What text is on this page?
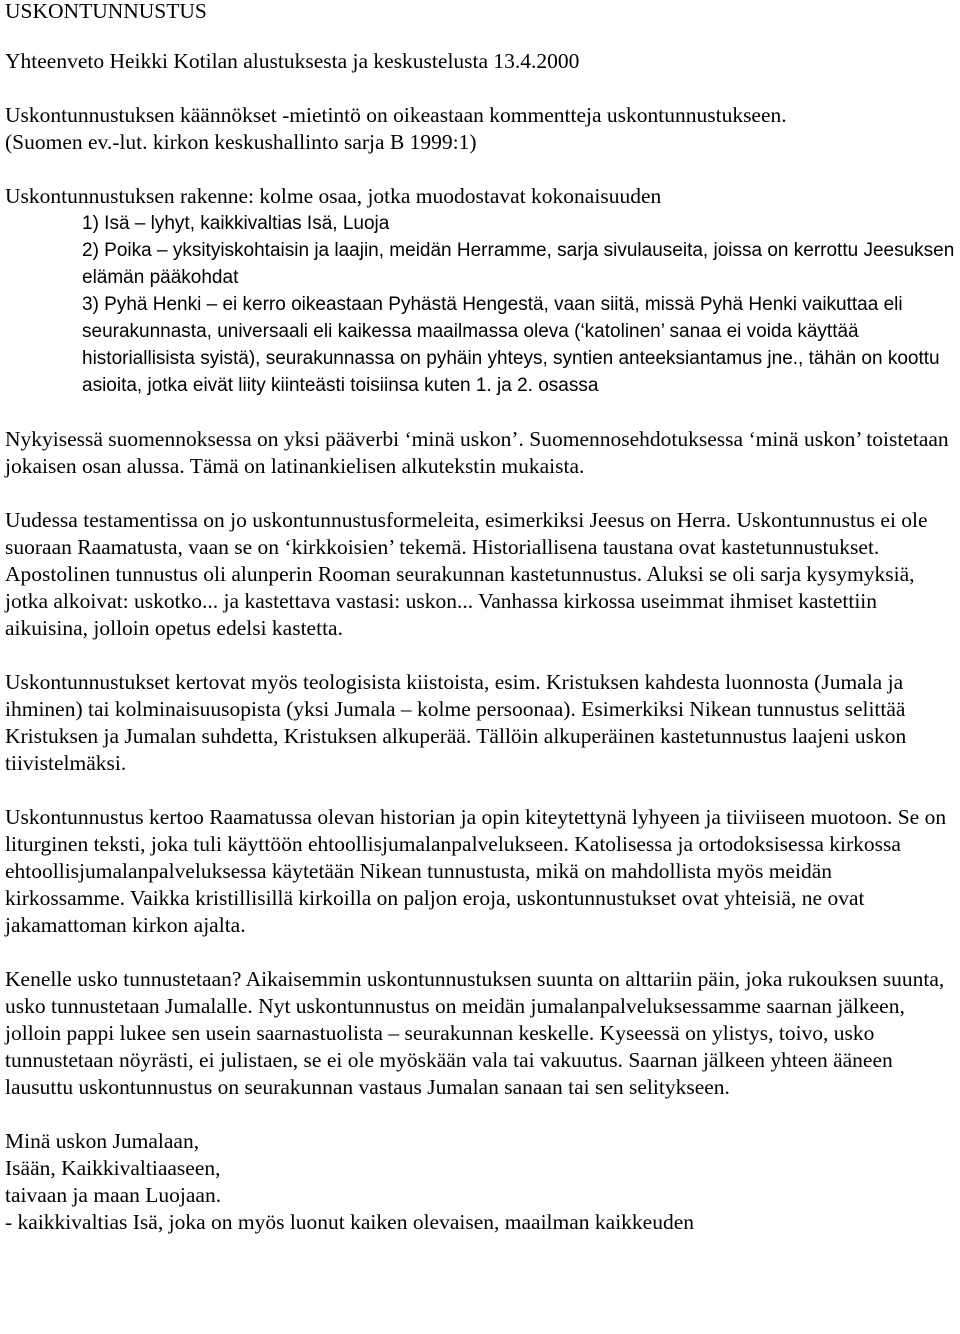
USKONTUNNUSTUS

Yhteenveto Heikki Kotilan alustuksesta ja keskustelusta 13.4.2000

Uskontunnustuksen käännökset -mietintö on oikeastaan kommentteja uskontunnustukseen.

(Suomen ev.-lut. kirkon keskushallinto sarja B 1999:1)

Uskontunnustuksen rakenne: kolme osaa, jotka muodostavat kokonaisuuden

1) Isä – lyhyt, kaikkivaltias Isä, Luoja

2) Poika – yksityiskohtaisin ja laajin, meidän Herramme, sarja sivulauseita, joissa on kerrottu Jeesuksen elämän pääkohdat

3) Pyhä Henki – ei kerro oikeastaan Pyhästä Hengestä, vaan siitä, missä Pyhä Henki vaikuttaa eli seurakunnasta, universaali eli kaikessa maailmassa oleva (‘katolinen’ sanaa ei voida käyttää historiallisista syistä), seurakunnassa on pyhäin yhteys, syntien anteeksiantamus jne., tähän on koottu asioita, jotka eivät liity kiinteästi toisiinsa kuten 1. ja 2. osassa

Nykyisessä suomennoksessa on yksi pääverbi ‘minä uskon’. Suomennosehdotuksessa ‘minä uskon’ toistetaan jokaisen osan alussa. Tämä on latinankielisen alkutekstin mukaista.

Uudessa testamentissa on jo uskontunnustusformeleita, esimerkiksi Jeesus on Herra. Uskontunnustus ei ole suoraan Raamatusta, vaan se on ‘kirkkoisien’ tekemä. Historiallisena taustana ovat kastetunnustukset. Apostolinen tunnustus oli alunperin Rooman seurakunnan kastetunnustus. Aluksi se oli sarja kysymyksiä, jotka alkoivat: uskotko... ja kastettava vastasi: uskon... Vanhassa kirkossa useimmat ihmiset kastettiin aikuisina, jolloin opetus edelsi kastetta.

Uskontunnustukset kertovat myös teologisista kiistoista, esim. Kristuksen kahdesta luonnosta (Jumala ja ihminen) tai kolminaisuusopista (yksi Jumala – kolme persoonaa). Esimerkiksi Nikean tunnustus selittää Kristuksen ja Jumalan suhdetta, Kristuksen alkuperää. Tällöin alkuperäinen kastetunnustus laajeni uskon tiivistelmäksi.

Uskontunnustus kertoo Raamatussa olevan historian ja opin kiteytettynä lyhyeen ja tiiviiseen muotoon. Se on liturginen teksti, joka tuli käyttöön ehtoollisjumalanpalvelukseen. Katolisessa ja ortodoksisessa kirkossa ehtoollisjumalanpalveluksessa käytetään Nikean tunnustusta, mikä on mahdollista myös meidän kirkossamme. Vaikka kristillisillä kirkoilla on paljon eroja, uskontunnustukset ovat yhteisiä, ne ovat jakamattoman kirkon ajalta.

Kenelle usko tunnustetaan? Aikaisemmin uskontunnustuksen suunta on alttariin päin, joka rukouksen suunta, usko tunnustetaan Jumalalle. Nyt uskontunnustus on meidän jumalanpalveluksessamme saarnan jälkeen, jolloin pappi lukee sen usein saarnastuolista – seurakunnan keskelle. Kyseessä on ylistys, toivo, usko tunnustetaan nöyrästi, ei julistaen, se ei ole myöskään vala tai vakuutus. Saarnan jälkeen yhteen ääneen lausuttu uskontunnustus on seurakunnan vastaus Jumalan sanaan tai sen selitykseen.

Minä uskon Jumalaan,

Isään, Kaikkivaltiaaseen,

taivaan ja maan Luojaan.

- kaikkivaltias Isä, joka on myös luonut kaiken olevaisen, maailman kaikkeuden
